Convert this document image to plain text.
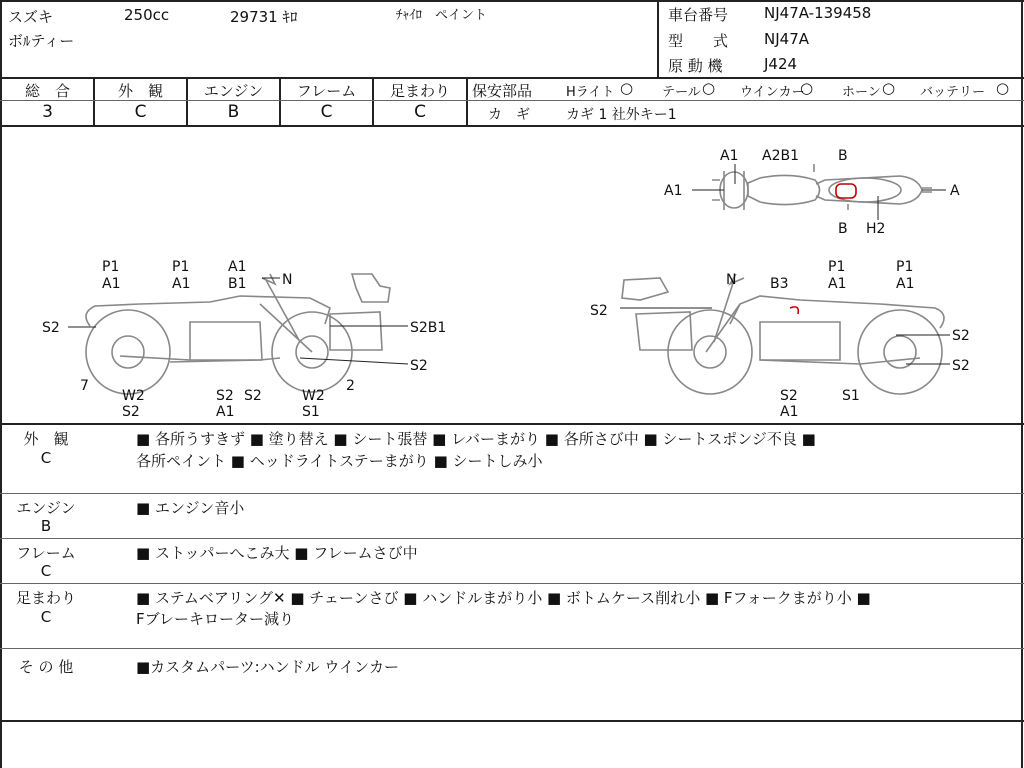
スズキ	250cc	29731 ｷﾛ	ﾁｬｲﾛ　ペイント
ボﾙティー
車台番号 NJ47A-139458
型　　式 NJ47A
原 動 機	J424
総　合
3
外　観
C
エンジン
B
フレーム
C
足まわり
C
保安部品	Hライト ○ テール ○ ウインカー
○ ホーン ○ バッテリー ○
カ　ギ	カギ 1 社外キー1
A1 A2B1	B
A1	A
B H2
P1
A1
P1
A1
A1
B1	N
S2	S2B1
S2
7	2
W2
S2
S2
A1
S2	W2
S1
N B3
P1
A1
P1
A1
S2
S2
S2
S2
A1
S1
外　観
C
■ 各所うすきず ■ 塗り替え ■ シート張替 ■ レバーまがり ■ 各所さび中 ■ シートスポンジ不良 ■
各所ペイント ■ ヘッドライトステーまがり ■ シートしみ小
エンジン
B
■ エンジン音小
フレーム
C
■ ストッパーへこみ大 ■ フレームさび中
足まわり
C
■ ステムベアリング✕ ■ チェーンさび ■ ハンドルまがり小 ■ ボトムケース削れ小 ■ Fフォークまがり小 ■
Fブレーキローター減り
そ の 他	■カスタムパーツ:ハンドル ウインカー
